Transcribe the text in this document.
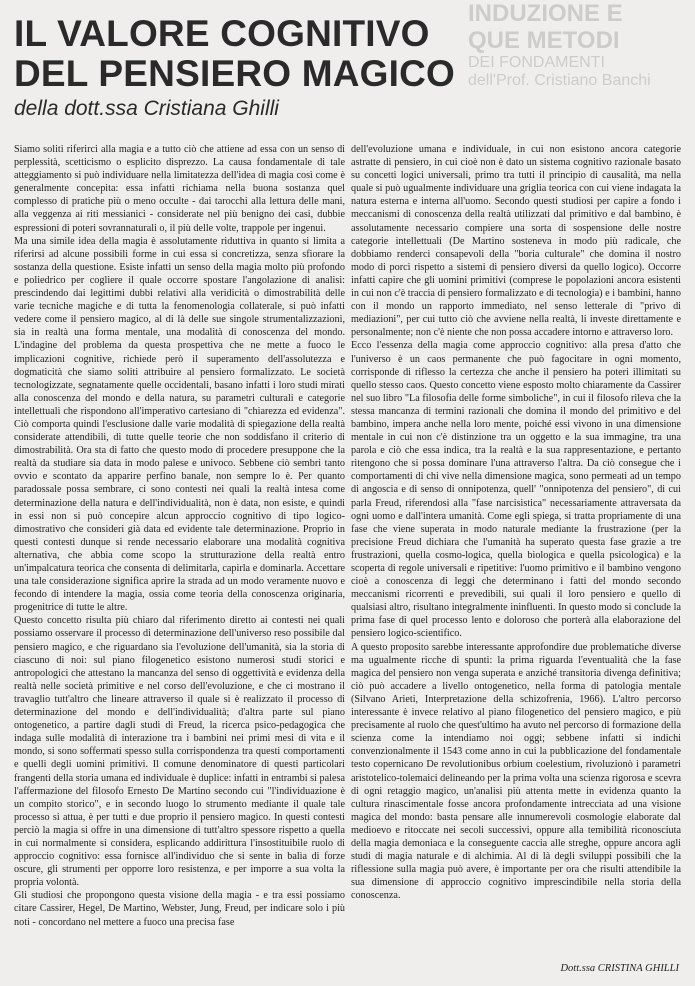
INDUZIONE E
QUE METODI
DEI FONDAMENTI
dell'Prof. Cristiano Banchi
IL VALORE COGNITIVO
DEL PENSIERO MAGICO
della dott.ssa Cristiana Ghilli

Siamo soliti riferirci alla magia e a tutto ciò che attiene ad essa con un senso di perplessità, scetticismo o esplicito disprezzo. La causa fondamentale di tale atteggiamento si può individuare nella limitatezza dell'idea di magia così come è generalmente concepita: essa infatti richiama nella buona sostanza quel complesso di pratiche più o meno occulte - dai tarocchi alla lettura delle mani, alla veggenza ai riti messianici - considerate nel più benigno dei casi, dubbie espressioni di poteri sovrannaturali o, il più delle volte, trappole per ingenui.

Ma una simile idea della magia è assolutamente riduttiva in quanto si limita a riferirsi ad alcune possibili forme in cui essa si concretizza, senza sfiorare la sostanza della questione. Esiste infatti un senso della magia molto più profondo e poliedrico per cogliere il quale occorre spostare l'angolazione di analisi: prescindendo dai legittimi dubbi relativi alla veridicità o dimostrabilità delle varie tecniche magiche e di tutta la fenomenologia collaterale, si può infatti vedere come il pensiero magico, al di là delle sue singole strumentalizzazioni, sia in realtà una forma mentale, una modalità di conoscenza del mondo. L'indagine del problema da questa prospettiva che ne mette a fuoco le implicazioni cognitive, richiede però il superamento dell'assolutezza e dogmaticità che siamo soliti attribuire al pensiero formalizzato. Le società tecnologizzate, segnatamente quelle occidentali, basano infatti i loro studi mirati alla conoscenza del mondo e della natura, su parametri culturali e categorie intellettuali che rispondono all'imperativo cartesiano di "chiarezza ed evidenza". Ciò comporta quindi l'esclusione dalle varie modalità di spiegazione della realtà considerate attendibili, di tutte quelle teorie che non soddisfano il criterio di dimostrabilità. Ora sta di fatto che questo modo di procedere presuppone che la realtà da studiare sia data in modo palese e univoco. Sebbene ciò sembri tanto ovvio e scontato da apparire perfino banale, non sempre lo è. Per quanto paradossale possa sembrare, ci sono contesti nei quali la realtà intesa come determinazione della natura e dell'individualità, non è data, non esiste, e quindi in essi non si può concepire alcun approccio cognitivo di tipo logico-dimostrativo che consideri già data ed evidente tale determinazione. Proprio in questi contesti dunque si rende necessario elaborare una modalità cognitiva alternativa, che abbia come scopo la strutturazione della realtà entro un'impalcatura teorica che consenta di delimitarla, capirla e dominarla. Accettare una tale considerazione significa aprire la strada ad un modo veramente nuovo e fecondo di intendere la magia, ossia come teoria della conoscenza originaria, progenitrice di tutte le altre.

Questo concetto risulta più chiaro dal riferimento diretto ai contesti nei quali possiamo osservare il processo di determinazione dell'universo reso possibile dal pensiero magico, e che riguardano sia l'evoluzione dell'umanità, sia la storia di ciascuno di noi: sul piano filogenetico esistono numerosi studi storici e antropologici che attestano la mancanza del senso di oggettività e evidenza della realtà nelle società primitive e nel corso dell'evoluzione, e che ci mostrano il travaglio tutt'altro che lineare attraverso il quale si è realizzato il processo di determinazione del mondo e dell'individualità; d'altra parte sul piano ontogenetico, a partire dagli studi di Freud, la ricerca psico-pedagogica che indaga sulle modalità di interazione tra i bambini nei primi mesi di vita e il mondo, si sono soffermati spesso sulla corrispondenza tra questi comportamenti e quelli degli uomini primitivi. Il comune denominatore di questi particolari frangenti della storia umana ed individuale è duplice: infatti in entrambi si palesa l'affermazione del filosofo Ernesto De Martino secondo cui "l'individuazione è un compito storico", e in secondo luogo lo strumento mediante il quale tale processo si attua, è per tutti e due proprio il pensiero magico. In questi contesti perciò la magia si offre in una dimensione di tutt'altro spessore rispetto a quella in cui normalmente si considera, esplicando addirittura l'insostituibile ruolo di approccio cognitivo: essa fornisce all'individuo che si sente in balìa di forze oscure, gli strumenti per opporre loro resistenza, e per imporre a sua volta la propria volontà.

Gli studiosi che propongono questa visione della magia - e tra essi possiamo citare Cassirer, Hegel, De Martino, Webster, Jung, Freud, per indicare solo i più noti - concordano nel mettere a fuoco una precisa fase

dell'evoluzione umana e individuale, in cui non esistono ancora categorie astratte di pensiero, in cui cioè non è dato un sistema cognitivo razionale basato su concetti logici universali, primo tra tutti il principio di causalità, ma nella quale si può ugualmente individuare una griglia teorica con cui viene indagata la natura esterna e interna all'uomo. Secondo questi studiosi per capire a fondo i meccanismi di conoscenza della realtà utilizzati dal primitivo e dal bambino, è assolutamente necessario compiere una sorta di sospensione delle nostre categorie intellettuali (De Martino sosteneva in modo più radicale, che dobbiamo renderci consapevoli della "boria culturale" che domina il nostro modo di porci rispetto a sistemi di pensiero diversi da quello logico). Occorre infatti capire che gli uomini primitivi (comprese le popolazioni ancora esistenti in cui non c'è traccia di pensiero formalizzato e di tecnologia) e i bambini, hanno con il mondo un rapporto immediato, nel senso letterale di "privo di mediazioni", per cui tutto ciò che avviene nella realtà, li investe direttamente e personalmente; non c'è niente che non possa accadere intorno e attraverso loro.

Ecco l'essenza della magia come approccio cognitivo: alla presa d'atto che l'universo è un caos permanente che può fagocitare in ogni momento, corrisponde di riflesso la certezza che anche il pensiero ha poteri illimitati su quello stesso caos. Questo concetto viene esposto molto chiaramente da Cassirer nel suo libro "La filosofia delle forme simboliche", in cui il filosofo rileva che la stessa mancanza di termini razionali che domina il mondo del primitivo e del bambino, impera anche nella loro mente, poiché essi vivono in una dimensione mentale in cui non c'è distinzione tra un oggetto e la sua immagine, tra una parola e ciò che essa indica, tra la realtà e la sua rappresentazione, e pertanto ritengono che si possa dominare l'una attraverso l'altra. Da ciò consegue che i comportamenti di chi vive nella dimensione magica, sono permeati ad un tempo di angoscia e di senso di onnipotenza, quell' "onnipotenza del pensiero", di cui parla Freud, riferendosi alla "fase narcisistica" necessariamente attraversata da ogni uomo e dall'intera umanità. Come egli spiega, si tratta propriamente di una fase che viene superata in modo naturale mediante la frustrazione (per la precisione Freud dichiara che l'umanità ha superato questa fase grazie a tre frustrazioni, quella cosmo-logica, quella biologica e quella psicologica) e la scoperta di regole universali e ripetitive: l'uomo primitivo e il bambino vengono cioè a conoscenza di leggi che determinano i fatti del mondo secondo meccanismi ricorrenti e prevedibili, sui quali il loro pensiero e quello di qualsiasi altro, risultano integralmente ininfluenti. In questo modo si conclude la prima fase di quel processo lento e doloroso che porterà alla elaborazione del pensiero logico-scientifico.

A questo proposito sarebbe interessante approfondire due problematiche diverse ma ugualmente ricche di spunti: la prima riguarda l'eventualità che la fase magica del pensiero non venga superata e anziché transitoria divenga definitiva; ciò può accadere a livello ontogenetico, nella forma di patologia mentale (Silvano Arieti, Interpretazione della schizofrenia, 1966). L'altro percorso interessante è invece relativo al piano filogenetico del pensiero magico, e più precisamente al ruolo che quest'ultimo ha avuto nel percorso di formazione della scienza come la intendiamo noi oggi; sebbene infatti si indichi convenzionalmente il 1543 come anno in cui la pubblicazione del fondamentale testo copernicano De revolutionibus orbium coelestium, rivoluzionò i parametri aristotelico-tolemaici delineando per la prima volta una scienza rigorosa e scevra di ogni retaggio magico, un'analisi più attenta mette in evidenza quanto la cultura rinascimentale fosse ancora profondamente intrecciata ad una visione magica del mondo: basta pensare alle innumerevoli cosmologie elaborate dal medioevo e ritoccate nei secoli successivi, oppure alla temibilità riconosciuta della magia demoniaca e la conseguente caccia alle streghe, oppure ancora agli studi di magia naturale e di alchimia. Al di là degli sviluppi possibili che la riflessione sulla magia può avere, è importante per ora che risulti attendibile la sua dimensione di approccio cognitivo imprescindibile nella storia della conoscenza.

Dott.ssa CRISTINA GHILLI
